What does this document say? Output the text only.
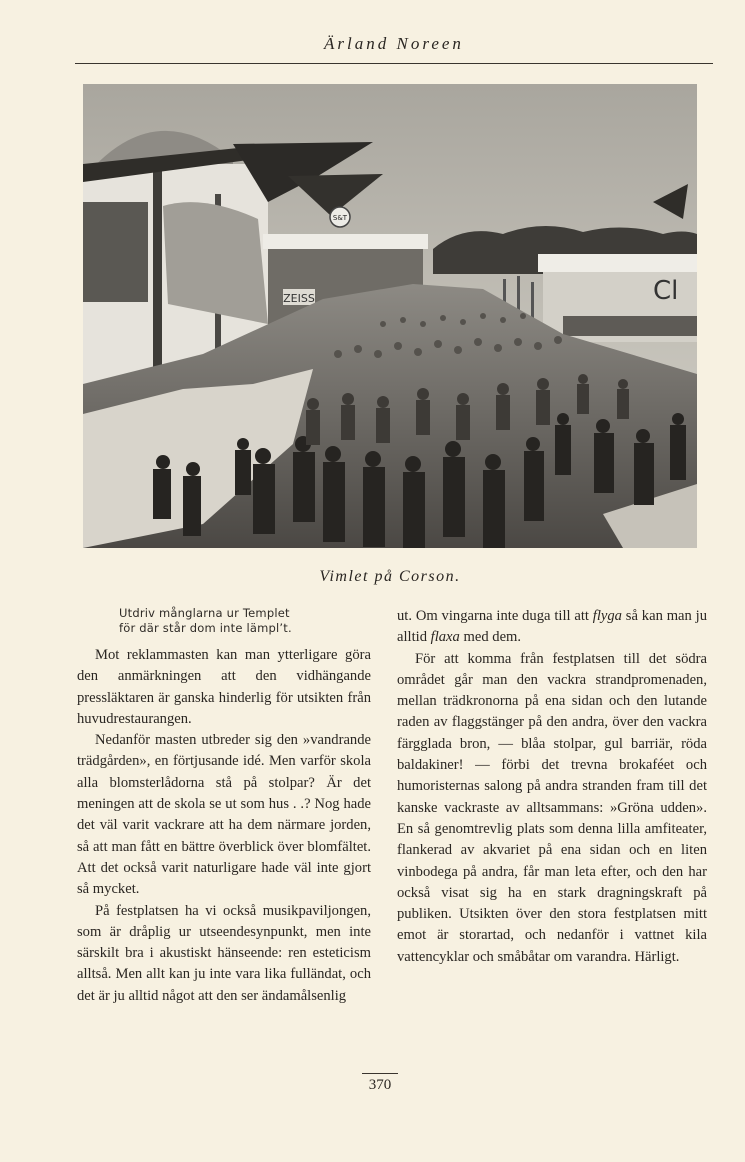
Ärland Noreen
S&T
ZEISS	Cl
Vimlet på Corson.
Utdriv månglarna ur Templet
för där står dom inte lämpl’t.

Mot reklammasten kan man ytterligare göra den anmärkningen att den vidhängande pressläktaren är ganska hinderlig för utsikten från huvudrestaurangen.

Nedanför masten utbreder sig den »vandrande trädgården», en förtjusande idé. Men varför skola alla blomsterlådorna stå på stolpar? Är det meningen att de skola se ut som hus . .? Nog hade det väl varit vackrare att ha dem närmare jorden, så att man fått en bättre överblick över blomfältet. Att det också varit naturligare hade väl inte gjort så mycket.

På festplatsen ha vi också musikpaviljongen, som är dråplig ur utseendesynpunkt, men inte särskilt bra i akustiskt hänseende: ren esteticism alltså. Men allt kan ju inte vara lika fulländat, och det är ju alltid något att den ser ändamålsenlig

ut. Om vingarna inte duga till att flyga så kan man ju alltid flaxa med dem.

För att komma från festplatsen till det södra området går man den vackra strandpromenaden, mellan trädkronorna på ena sidan och den lutande raden av flaggstänger på den andra, över den vackra färgglada bron, — blåa stolpar, gul barriär, röda baldakiner! — förbi det trevna brokaféet och humoristernas salong på andra stranden fram till det kanske vackraste av alltsammans: »Gröna udden». En så genomtrevlig plats som denna lilla amfiteater, flankerad av akvariet på ena sidan och en liten vinbodega på andra, får man leta efter, och den har också visat sig ha en stark dragningskraft på publiken. Utsikten över den stora festplatsen mitt emot är storartad, och nedanför i vattnet kila vattencyklar och småbåtar om varandra. Härligt.

370
